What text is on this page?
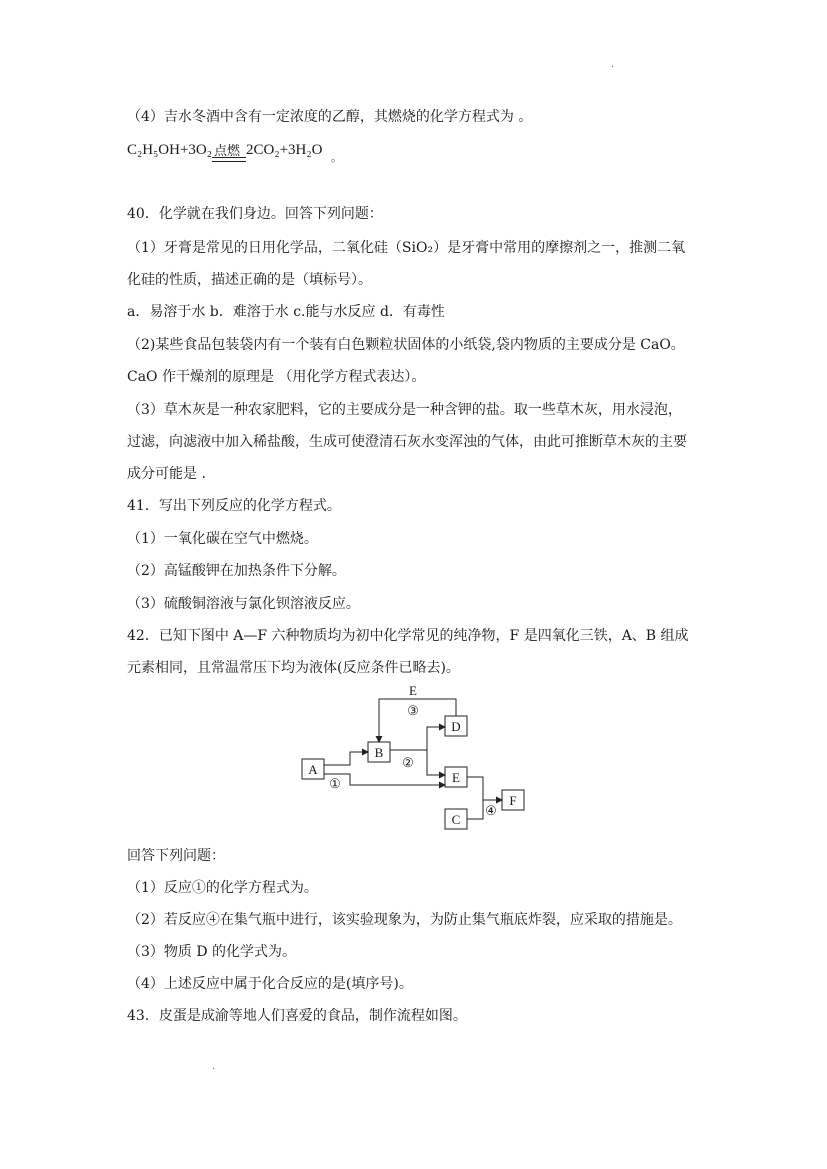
·
（4）吉水冬酒中含有一定浓度的乙醇，其燃烧的化学方程式为 。
C₂H₅OH+3O₂ 点燃 2CO₂+3H₂O 。
40．化学就在我们身边。回答下列问题：
（1）牙膏是常见的日用化学品，二氧化硅（SiO₂）是牙膏中常用的摩擦剂之一，推测二氧
化硅的性质，描述正确的是（填标号）。
a．易溶于水 b．难溶于水 c.能与水反应 d．有毒性
（2)某些食品包装袋内有一个装有白色颗粒状固体的小纸袋,袋内物质的主要成分是 CaO。
CaO 作干燥剂的原理是 （用化学方程式表达）。
（3）草木灰是一种农家肥料，它的主要成分是一种含钾的盐。取一些草木灰，用水浸泡，
过滤，向滤液中加入稀盐酸，生成可使澄清石灰水变浑浊的气体，由此可推断草木灰的主要
成分可能是 .
41．写出下列反应的化学方程式。
（1）一氧化碳在空气中燃烧。
（2）高锰酸钾在加热条件下分解。
（3）硫酸铜溶液与氯化钡溶液反应。
42．已知下图中 A—F 六种物质均为初中化学常见的纯净物，F 是四氧化三铁，A、B 组成
元素相同，且常温常压下均为液体(反应条件已略去)。
A
B
D
E
C
F
E
③
①
②
④
回答下列问题：
（1）反应①的化学方程式为。
（2）若反应④在集气瓶中进行，该实验现象为，为防止集气瓶底炸裂，应采取的措施是。
（3）物质 D 的化学式为。
（4）上述反应中属于化合反应的是(填序号)。
43．皮蛋是成渝等地人们喜爱的食品，制作流程如图。
·
